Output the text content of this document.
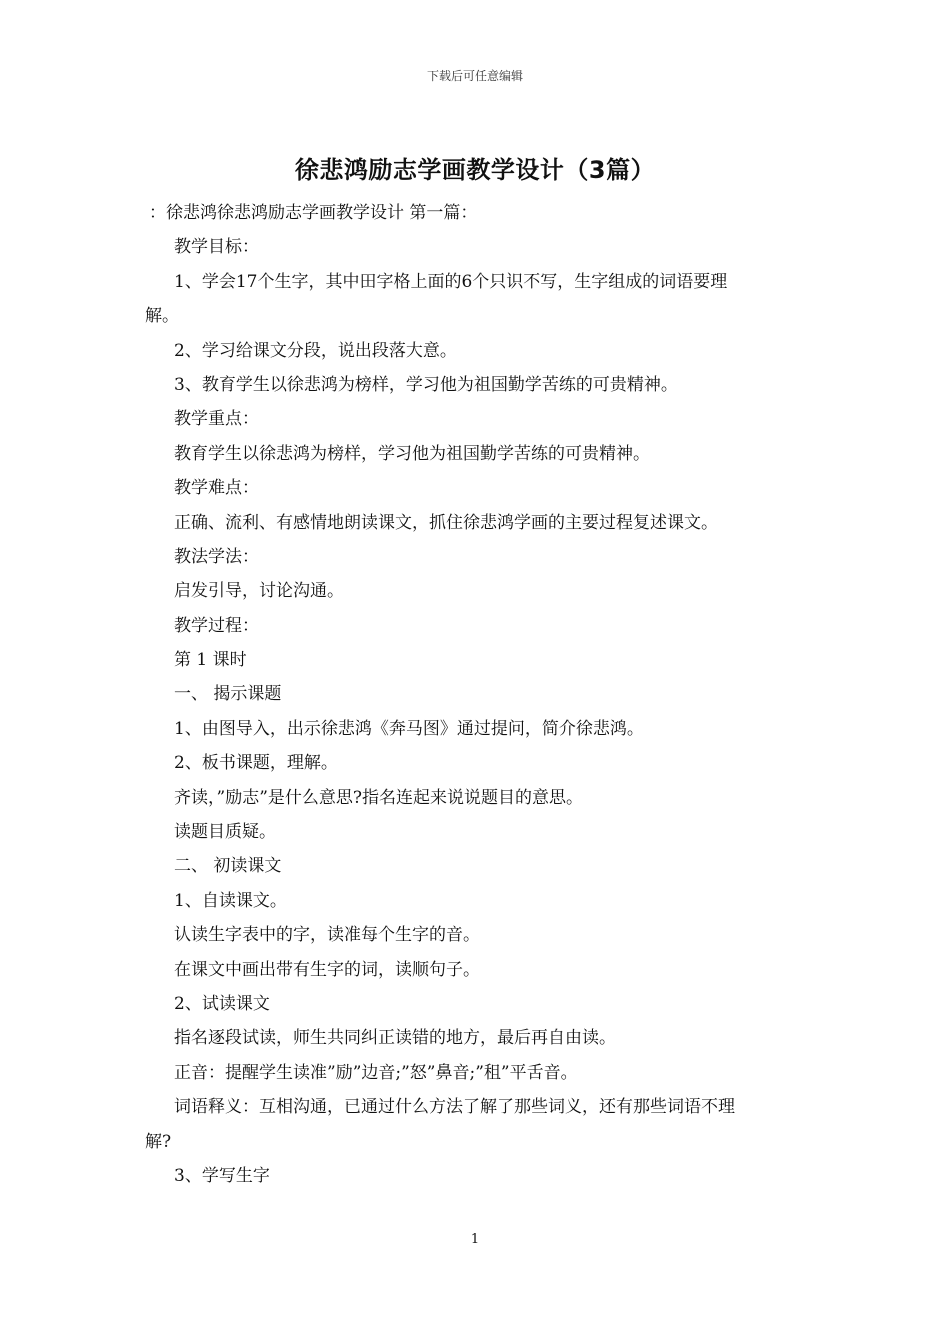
下载后可任意编辑
徐悲鸿励志学画教学设计（3篇）
：徐悲鸿徐悲鸿励志学画教学设计 第一篇：
教学目标：
1、学会17个生字，其中田字格上面的6个只识不写，生字组成的词语要理
解。
2、学习给课文分段，说出段落大意。
3、教育学生以徐悲鸿为榜样，学习他为祖国勤学苦练的可贵精神。
教学重点：
教育学生以徐悲鸿为榜样，学习他为祖国勤学苦练的可贵精神。
教学难点：
正确、流利、有感情地朗读课文，抓住徐悲鸿学画的主要过程复述课文。
教法学法：
启发引导，讨论沟通。
教学过程：
第 1 课时
一、 揭示课题
1、由图导入，出示徐悲鸿《奔马图》通过提问，简介徐悲鸿。
2、板书课题，理解。
齐读，”励志”是什么意思?指名连起来说说题目的意思。
读题目质疑。
二、 初读课文
1、自读课文。
认读生字表中的字，读准每个生字的音。
在课文中画出带有生字的词，读顺句子。
2、试读课文
指名逐段试读，师生共同纠正读错的地方，最后再自由读。
正音：提醒学生读准”励”边音;”怒”鼻音;”租”平舌音。
词语释义：互相沟通，已通过什么方法了解了那些词义，还有那些词语不理
解?
3、学写生字
1
